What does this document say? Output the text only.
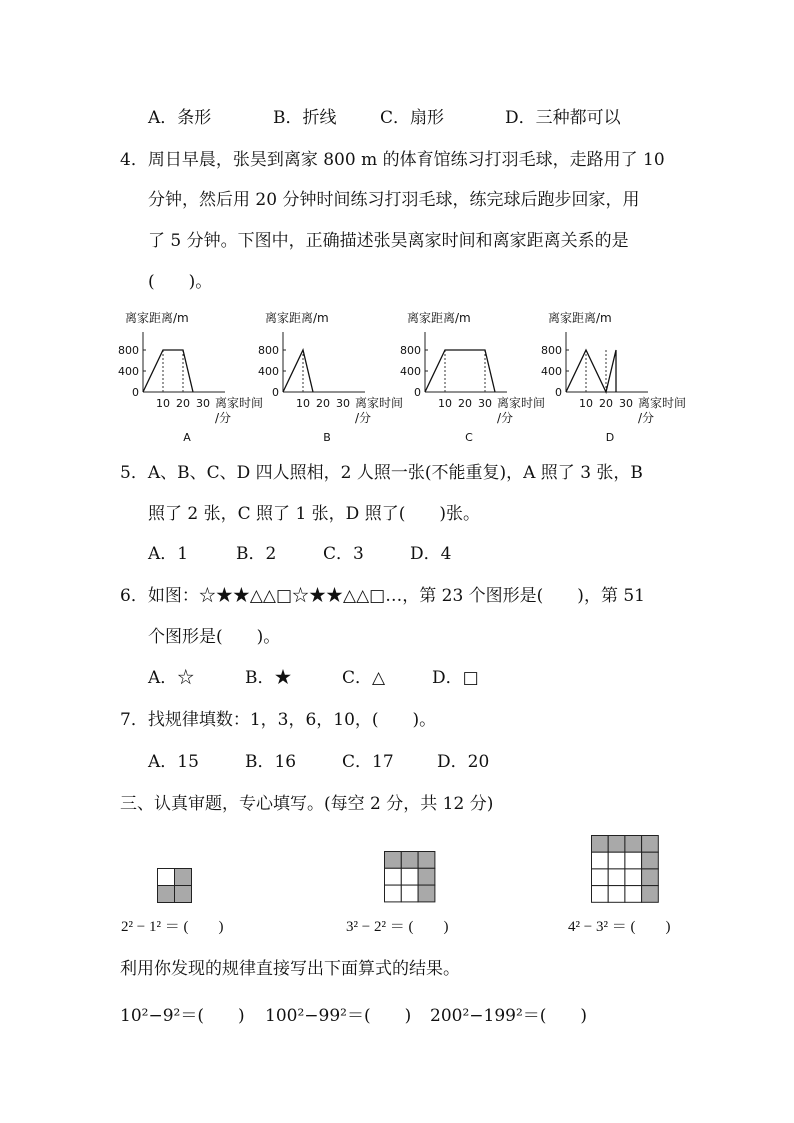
A．条形	B．折线	C．扇形	D．三种都可以
4．周日早晨，张昊到离家 800 m 的体育馆练习打羽毛球，走路用了 10
分钟，然后用 20 分钟时间练习打羽毛球，练完球后跑步回家，用
了 5 分钟。下图中，正确描述张昊离家时间和离家距离关系的是
(　　)。
离家距离/m
0
400
800
10 20 30 离家时间
/分
A
离家距离/m
0
400
800
10 20 30 离家时间
/分
B
离家距离/m
0
400
800
10 20 30 离家时间
/分
C
离家距离/m
0
400
800
10 20 30 离家时间
/分
D
5．A、B、C、D 四人照相，2 人照一张(不能重复)，A 照了 3 张，B
照了 2 张，C 照了 1 张，D 照了(　　)张。
A．1	B．2	C．3	D．4
6．如图：☆★★△△□☆★★△△□…，第 23 个图形是(　　)，第 51
个图形是(　　)。
A．☆	B．★	C．△	D．□
7．找规律填数：1，3，6，10，(　　)。
A．15	B．16	C．17	D．20
三、认真审题，专心填写。(每空 2 分，共 12 分)
2² − 1² ＝ (　　)	3² − 2² ＝ (　　)	4² − 3² ＝ (　　)
利用你发现的规律直接写出下面算式的结果。
10²−9²＝(　　) 100²−99²＝(　　) 200²−199²＝(　　)
